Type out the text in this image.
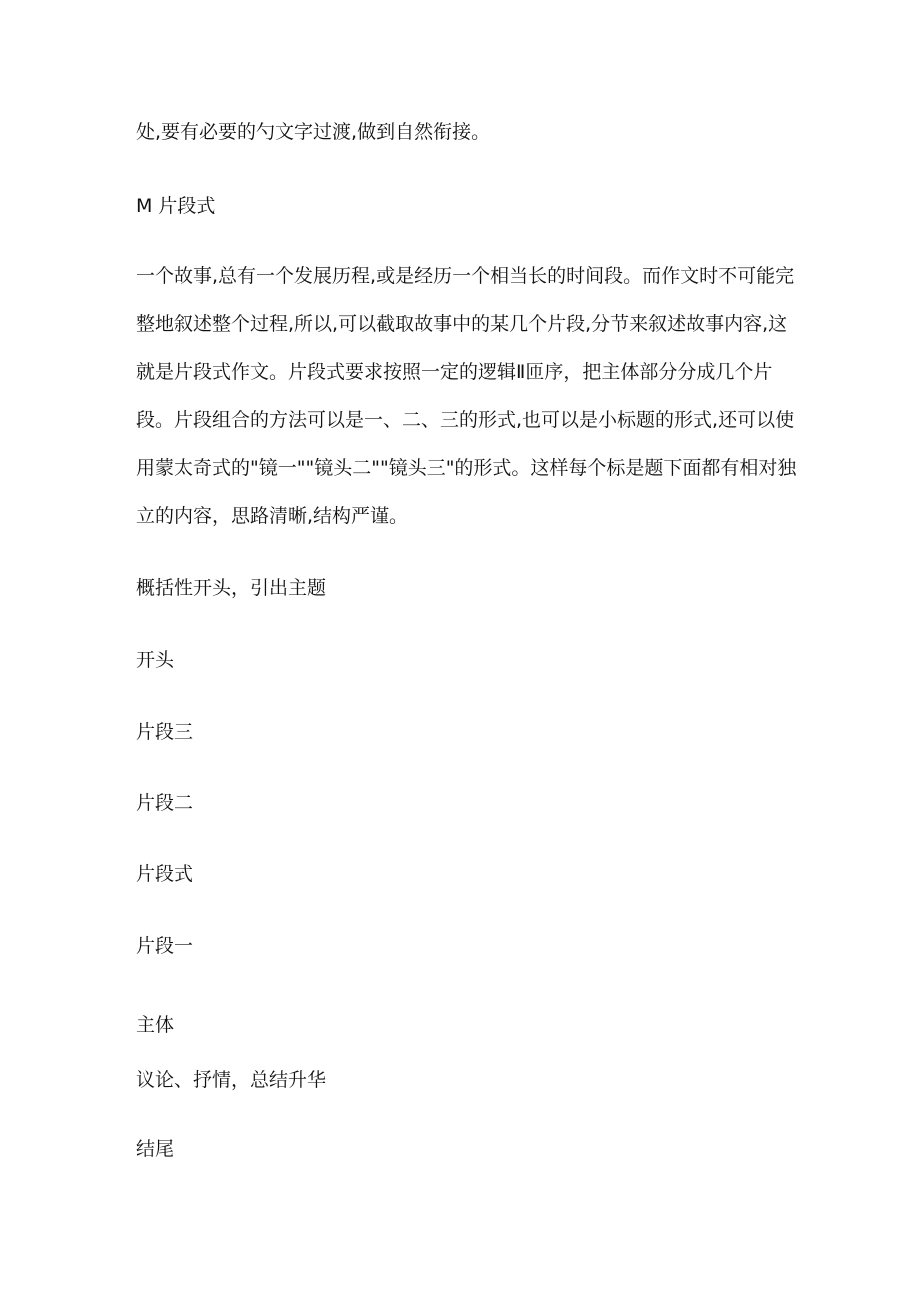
处,要有必要的勺文字过渡,做到自然衔接。
M 片段式
一个故事,总有一个发展历程,或是经历一个相当长的时间段。而作文时不可能完
整地叙述整个过程,所以,可以截取故事中的某几个片段,分节来叙述故事内容,这
就是片段式作文。片段式要求按照一定的逻辑Ⅱ匝序，把主体部分分成几个片
段。片段组合的方法可以是一、二、三的形式,也可以是小标题的形式,还可以使
用蒙太奇式的"镜一""镜头二""镜头三"的形式。这样每个标是题下面都有相对独
立的内容，思路清晰,结构严谨。
概括性开头，引出主题
开头
片段三
片段二
片段式
片段一
主体
议论、抒情，总结升华
结尾
